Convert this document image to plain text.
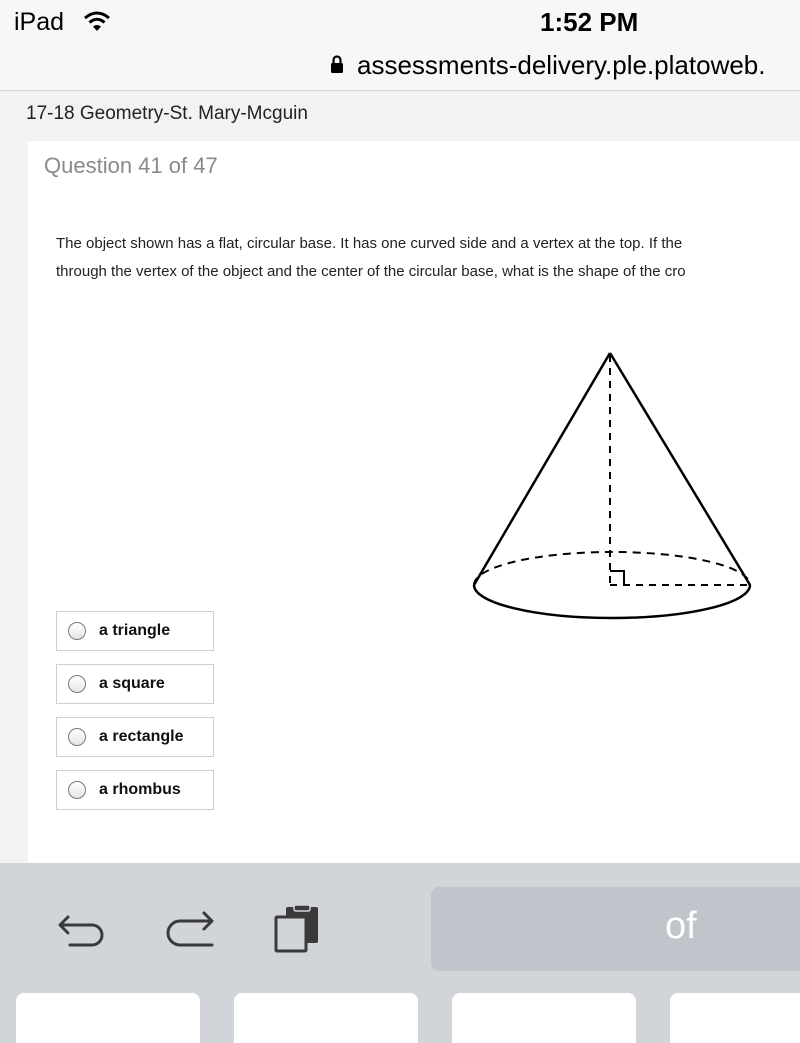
iPad	1:52 PM
assessments-delivery.ple.platoweb.
17-18 Geometry-St. Mary-Mcguin
Question 41 of 47
The object shown has a flat, circular base. It has one curved side and a vertex at the top. If the
through the vertex of the object and the center of the circular base, what is the shape of the cro
a triangle
a square
a rectangle
a rhombus
of
